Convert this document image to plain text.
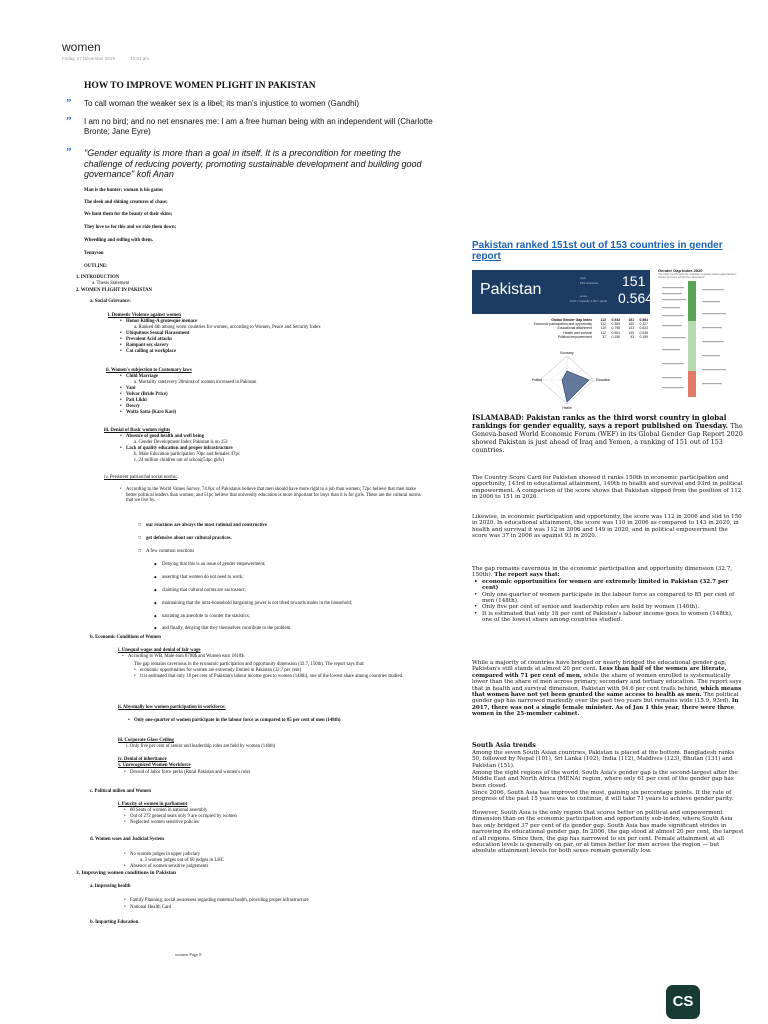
women
Friday, 27 December 2019	12:01 am
HOW TO IMPROVE WOMEN PLIGHT IN PAKISTAN
” To call woman the weaker sex is a libel; its man's injustice to women (Gandhi)
” I am no bird; and no net ensnares me: I am a free human being with an independent will (Charlotte Bronte; Jane Eyre)
” "Gender equality is more than a goal in itself. It is a precondition for meeting the challenge of reducing poverty, promoting sustainable development and building good governance" kofi Anan
Man is the hunter; woman is his game;
The sleek and shining creatures of chase;
We hunt them for the beauty of their skins;
They love us for this and we ride them down;
Wheedling and sidling with them.
Tennyson
OUTLINE:
1. INTRODUCTION
a. Thesis Statement
2. WOMEN PLIGHT IN PAKISTAN
a. Social Grievance:
i. Domestic Violence against women
• Honor Killing-A grotesque menace
a. Ranked 4th among worst countries for women, according to Women, Peace and Security Index
• Ubiquitous Sexual Harassment
• Prevalent Acid attacks
• Rampant sex slavery
• Cat calling at workplace
ii. Women's subjection to Customary laws
• Child Marriage
a. Mortality rate(every 20mins) of women increased in Pakistan
• Vani
• Vulvar (Bride Price)
• Pait Likhi
• Dowry
• Watta Satta (Karo Kari)
iii. Denial of Basic women rights
• Absence of good health and well being
a. Gender Development Index Pakistan is on 151
• Lack of quality education and proper infrastructure
b. Male Education participation 70pc and females 47pc
c. 24 million children out of school(54pc girls)
iv. Persistent patriarchal social norms:
• According to the World Values Survey, 74.6pc of Pakistanis believe that men should have more right to a job than women; 72pc believe that men make better political leaders than women; and 51pc believe that university education is more important for boys than it is for girls. These are the cultural norms that we live by.
□ our reactions are always the most rational and constructive
□ get defensive about our cultural practices.
□ A few common reactions
◆ Denying that this is an issue of gender empowerment;
◆ asserting that women do not need to work;
◆ claiming that cultural norms are sacrosanct;
◆ maintaining that the intra-household bargaining power is not tilted towards males in the household;
◆ narrating an anecdote to counter the statistics;
◆ and finally, denying that they themselves contribute to the problem.
b. Economic Conditions of Women
i. Unequal wages and denial of fair wage
• According to WB, Male earn 8700$ and Women earn 1610$.
The gap remains cavernous in the economic participation and opportunity dimension (32.7, 150th). The report says that:
• economic opportunities for women are extremely limited in Pakistan (32.7 per cent)
• It is estimated that only 18 per cent of Pakistan's labour income goes to women (148th), one of the lowest share among countries studied.
ii. Abysmally low women participation in workforce:
• Only one-quarter of women participate in the labour force as compared to 85 per cent of men (148th)
iii. Corporate Glass Ceiling
i. Only five per cent of senior and leadership roles are held by women (146th)
iv. Denial of inheritance
v. Unrecognized Women Workforce
• Devoid of labor force perks (Rural Pakistan and women's role)
c. Political milieu and Women
i. Paucity of women in parliament
• 60 Seats of women in national assembly
• Out of 272 general seats only 9 are occupied by women
• Neglected women sensitive policies
d. Women woes and Judicial System
• No women judges in upper judiciary
a. 3 women judges out of 60 judges in LHC
• Absence of women sensitive judgements
3. Improving women conditions in Pakistan
a. Improving health
• Family Planning, social awareness regarding maternal health, providing proper infrastructure
• National Health Card
b. Imparting Education
women Page 8
Pakistan ranked 151st out of 153 countries in gender report
Pakistan
rank
153 countries 151
score
0.00 = imparity 1.00 = parity 0.564
Global Gender Gap Index	112	0.543	151	0.564
Economic participation and opportunity	112	0.369	150	0.327
Educational attainment	110	0.798	143	0.823
Health and survival	112	0.951	149	0.946
Political empowerment	37	0.196	93	0.159
Economy
Education
Health
Politics
Gender Gap Index 2020
The Index benchmarks the evolution of gender-based gaps between women and men across four dimensions.
ISLAMABAD: Pakistan ranks as the third worst country in global rankings for gender equality, says a report published on Tuesday. The Geneva-based World Economic Forum (WEF) in its Global Gender Gap Report 2020 showed Pakistan is just ahead of Iraq and Yemen, a ranking of 151 out of 153 countries.
The Country Score Card for Pakistan showed it ranks 150th in economic participation and opportunity, 143rd in educational attainment, 149th in health and survival and 93rd in political empowerment. A comparison of the score shows that Pakistan slipped from the position of 112 in 2006 to 151 in 2020.
Likewise, in economic participation and opportunity, the score was 112 in 2006 and slid to 150 in 2020. In educational attainment, the score was 110 in 2006 as compared to 143 in 2020, in health and survival it was 112 in 2006 and 149 in 2020, and in political empowerment the score was 37 in 2006 as against 93 in 2020.
The gap remains cavernous in the economic participation and opportunity dimension (32.7, 150th). The report says that:
• economic opportunities for women are extremely limited in Pakistan (32.7 per cent)
• Only one-quarter of women participate in the labour force as compared to 85 per cent of men (148th).
• Only five per cent of senior and leadership roles are held by women (146th).
• It is estimated that only 18 per cent of Pakistan's labour income goes to women (148th), one of the lowest share among countries studied.
While a majority of countries have bridged or nearly bridged the educational gender gap, Pakistan's still stands at almost 20 per cent. Less than half of the women are literate, compared with 71 per cent of men, while the share of women enrolled is systematically lower than the share of men across primary, secondary and tertiary education. The report says that in health and survival dimension, Pakistan with 94.6 per cent trails behind, which means that women have not yet been granted the same access to health as men. The political gender gap has narrowed markedly over the past two years but remains wide (15.9, 93rd). In 2017, there was not a single female minister. As of Jan 1 this year, there were three women in the 25-member cabinet.
South Asia trends
Among the seven South Asian countries, Pakistan is placed at the bottom. Bangladesh ranks 50, followed by Nepal (101), Sri Lanka (102), India (112), Maldives (123), Bhutan (131) and Pakistan (151).
Among the eight regions of the world, South Asia's gender gap is the second-largest after the Middle East and North Africa (MENA) region, where only 61 per cent of the gender gap has been closed.
Since 2006, South Asia has improved the most, gaining six percentage points. If the rate of progress of the past 15 years was to continue, it will take 71 years to achieve gender parity.
However, South Asia is the only region that scores better on political and empowerment dimension than on the economic participation and opportunity sub-index, where South Asia has only bridged 37 per cent of its gender gap. South Asia has made significant strides in narrowing its educational gender gap. In 2006, the gap stood at almost 20 per cent, the largest of all regions. Since then, the gap has narrowed to six per cent. Female attainment at all education levels is generally on par, or at times better for men across the region — but absolute attainment levels for both sexes remain generally low.
CS
